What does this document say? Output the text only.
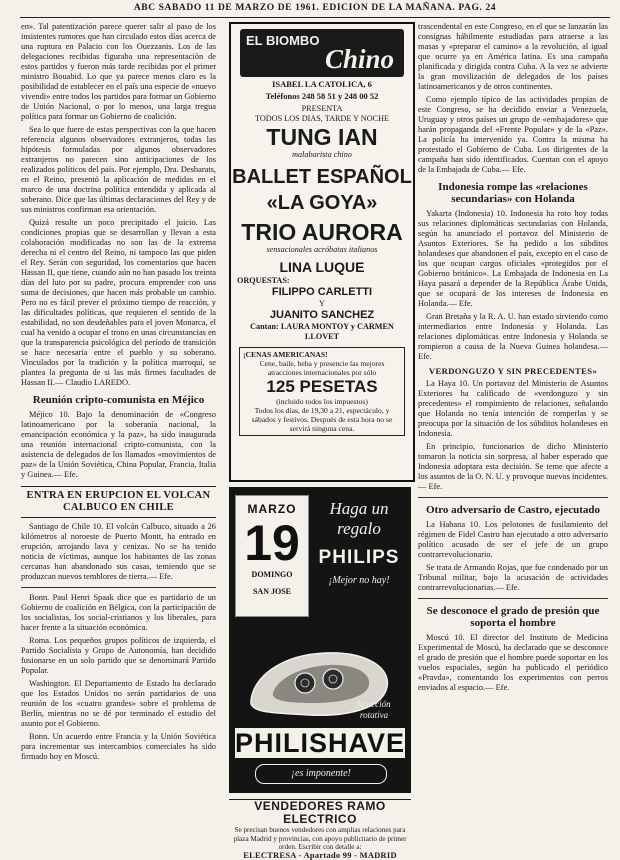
ABC SABADO 11 DE MARZO DE 1961. EDICION DE LA MAÑANA. PAG. 24

en». Tal patentización parece querer salir al paso de los insistentes rumores que han circulado estos días acerca de una ruptura en Palacio con los Ouezzanis. Los de las delegaciones recibidas figuraba una representación de estos partidos y fueron más tarde recibidas por el primer ministro Bouabid. Lo que ya parece menos claro es la posibilidad de establecer en el país una especie de «nuevo vivendi» entre todos los partidos para formar un Gobierno de Unión Nacional, o por lo menos, una larga tregua política para formar un Gobierno de coalición.

Sea lo que fuere de estas perspectivas con la que hacen referencia algunos observadores extranjeros, todas las hipótesis formuladas por algunos observadores extranjeros no parecen sino anticipaciones de los realizados políticos del país. Por ejemplo, Dra. Desbarats, en el Reino, presentó la aplicación de medidas en el marco de una doctrina política entendida y aplicada al soberano. Dice que las últimas declaraciones del Rey y de sus ministros confirman esa orientación.

Quizá resulte un poco precipitado el juicio. Las condiciones propias que se desarrollan y llevan a esta colaboración modificadas no son las de la extrema derecha ni el centro del Reino, ni tampoco las que piden el Rey. Serán con seguridad, los comentarios que hacen Hassan II, que tiene, cuando aún no han pasado los treinta días del luto por su padre, procura emprender con una suma de decisiones, que hacen más probable un cambio. Pero no es fácil prever el próximo tiempo de reacción, y las dificultades políticas, que requieren el sentido de la estabilidad, no son desdeñables para el joven Monarca, el cual ha venido a ocupar el trono en unas circunstancias en que la transparencia psicológica del período de transición se hace necesaria entre el pueblo y su soberano. Vinculados por la tradición y la política marroquí, se plantea la pregunta de si las más firmes facultades de Hassan II.— Claudio LAREDO.

Reunión cripto-comunista en Méjico

Méjico 10. Bajo la denominación de «Congreso latinoamericano por la soberanía nacional, la emancipación económica y la paz», ha sido inaugurada una reunión internacional cripto-comunista, con la asistencia de delegados de los llamados «movimientos de paz» de la Unión Soviética, China Popular, Francia, Italia y Guinea.— Efe.

ENTRA EN ERUPCION EL VOLCAN CALBUCO EN CHILE

Santiago de Chile 10. El volcán Calbuco, situado a 26 kilómetros al noroeste de Puerto Montt, ha entrado en erupción, arrojando lava y cenizas. No se ha tenido noticia de víctimas, aunque los habitantes de las zonas cercanas han abandonado sus casas, temiendo que se produzcan nuevos temblores de tierra.— Efe.

Bonn. Paul Henri Spaak dice que es partidario de un Gobierno de coalición en Bélgica, con la participación de los socialistas, los social-cristianos y los liberales, para hacer frente a la situación económica.

Roma. Los pequeños grupos políticos de izquierda, el Partido Socialista y Grupo de Autonomía, han decidido fusionarse en un solo partido que se denominará Partido Popular.

Washington. El Departamento de Estado ha declarado que los Estados Unidos no serán partidarios de una reunión de los «cuatro grandes» sobre el problema de Berlín, mientras no se dé por terminado el estudio del asunto por el Gobierno.

Bonn. Un acuerdo entre Francia y la Unión Soviética para incrementar sus intercambios comerciales ha sido firmado hoy en Moscú.

EL BIOMBO
Chino
ISABEL LA CATOLICA, 6
Teléfonos 248 58 51 y 248 00 52
PRESENTA
TODOS LOS DIAS, TARDE Y NOCHE
TUNG IAN
malabarista chino
BALLET ESPAÑOL
«LA GOYA»
TRIO AURORA
sensacionales acróbatas italianos
LINA LUQUE
ORQUESTAS:
FILIPPO CARLETTI
Y
JUANITO SANCHEZ
Cantan: LAURA MONTOY y CARMEN LLOVET
¡CENAS AMERICANAS!
Cene, baile, beba y presencie las mejores atracciones internacionales por sólo
125 PESETAS
(incluido todos los impuestos)
Todos los días, de 19,30 a 21, espectáculo, y sábados y festivos. Después de esta hora no se servirá ninguna cena.
MARZO
19
DOMINGO
SAN JOSE
Haga un
regalo
PHILIPS
¡Mejor no hay!
la acción
rotativa
PHILISHAVE
¡es imponente!
VENDEDORES RAMO ELECTRICO
Se precisan buenos vendedores con amplias relaciones para plaza Madrid y provincias, con apoyo publicitario de primer orden. Escribir con detalle a:
ELECTRESA - Apartado 99 - MADRID

trascendental en este Congreso, en el que se lanzarán las consignas hábilmente estudiadas para atraerse a las masas y «preparar el camino» a la revolución, al igual que ocurre ya en América latina. Es una campaña planificada y dirigida contra Cuba. A la vez se advierte la gran movilización de delegados de los países latinoamericanos y de otros continentes.

Como ejemplo típico de las actividades propias de este Congreso, se ha decidido enviar a Venezuela, Uruguay y otros países un grupo de «embajadores» que harán propaganda del «Frente Popular» y de la «Paz». La policía ha intervenido ya. Contra la misma ha protestado el Gobierno de Cuba. Los dirigentes de la campaña han sido identificados. Cuentan con el apoyo de la Embajada de Cuba.— Efe.

Indonesia rompe las «relaciones secundarias» con Holanda

Yakarta (Indonesia) 10. Indonesia ha roto hoy todas sus relaciones diplomáticas secundarias con Holanda, según ha anunciado el portavoz del Ministerio de Asuntos Exteriores. Se ha pedido a los súbditos holandeses que abandonen el país, excepto en el caso de los que ocupan cargos oficiales «protegidos por el Gobierno británico». La Embajada de Indonesia en La Haya pasará a depender de la República Árabe Unida, que se ocupará de los intereses de Indonesia en Holanda.— Efe.

Gran Bretaña y la R. A. U. han estado sirviendo como intermediarios entre Indonesia y Holanda. Las relaciones diplomáticas entre Indonesia y Holanda se rompieron a causa de la Nueva Guinea holandesa.— Efe.

VERDONGUZO Y SIN PRECEDENTES»

La Haya 10. Un portavoz del Ministerio de Asuntos Exteriores ha calificado de «verdonguzo y sin precedentes» el rompimiento de relaciones, señalando que Holanda no tenía intención de romperlas y se preocupa por la situación de los súbditos holandeses en Indonesia.

En principio, funcionarios de dicho Ministerio tomaron la noticia sin sorpresa, al haber esperado que Indonesia adoptara esta decisión. Se teme que afecte a los asuntos de la O. N. U. y provoque nuevos incidentes.— Efe.

Otro adversario de Castro, ejecutado

La Habana 10. Los pelotones de fusilamiento del régimen de Fidel Castro han ejecutado a otro adversario político acusado de ser el jefe de un grupo contrarrevolucionario.

Se trata de Armando Rojas, que fue condenado por un Tribunal militar, bajo la acusación de actividades contrarrevolucionarias.— Efe.

Se desconoce el grado de presión que soporta el hombre

Moscú 10. El director del Instituto de Medicina Experimental de Moscú, ha declarado que se desconoce el grado de presión que el hombre puede soportar en los vuelos espaciales, según ha publicado el periódico «Pravda», comentando los experimentos con perros enviados al espacio.— Efe.
